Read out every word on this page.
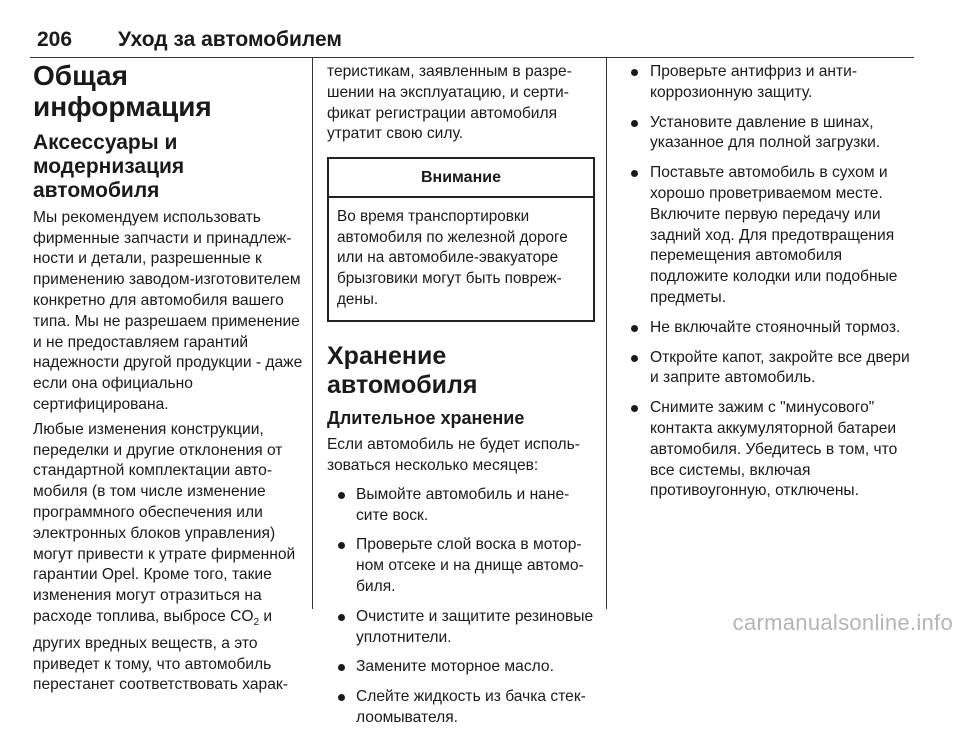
206 Уход за автомобилем
Общая информация
Аксессуары и модернизация автомобиля

Мы рекомендуем использовать фирменные запчасти и принадлежности и детали, разрешенные к применению заводом-изготовителем конкретно для автомобиля вашего типа. Мы не разрешаем применение и не предоставляем гарантий надежности другой продукции - даже если она официально сертифицирована.

Любые изменения конструкции, переделки и другие отклонения от стандартной комплектации автомобиля (в том числе изменение программного обеспечения или электронных блоков управления) могут привести к утрате фирменной гарантии Opel. Кроме того, такие изменения могут отразиться на расходе топлива, выбросе $CO_2$ и других вредных веществ, а это приведет к тому, что автомобиль перестанет соответствовать харак-

теристикам, заявленным в разрешении на эксплуатацию, и сертификат регистрации автомобиля утратит свою силу.

Внимание
Во время транспортировки автомобиля по железной дороге или на автомобиле-эвакуаторе брызговики могут быть повреждены.
Хранение автомобиля
Длительное хранение

Если автомобиль не будет использоваться несколько месяцев:

Вымойте автомобиль и нанесите воск.
Проверьте слой воска в моторном отсеке и на днище автомобиля.
Очистите и защитите резиновые уплотнители.
Замените моторное масло.
Слейте жидкость из бачка стеклоомывателя.
Проверьте антифриз и антикоррозионную защиту.
Установите давление в шинах, указанное для полной загрузки.
Поставьте автомобиль в сухом и хорошо проветриваемом месте. Включите первую передачу или задний ход. Для предотвращения перемещения автомобиля подложите колодки или подобные предметы.
Не включайте стояночный тормоз.
Откройте капот, закройте все двери и заприте автомобиль.
Снимите зажим с "минусового" контакта аккумуляторной батареи автомобиля. Убедитесь в том, что все системы, включая противоугонную, отключены.
carmanualsonline.info
